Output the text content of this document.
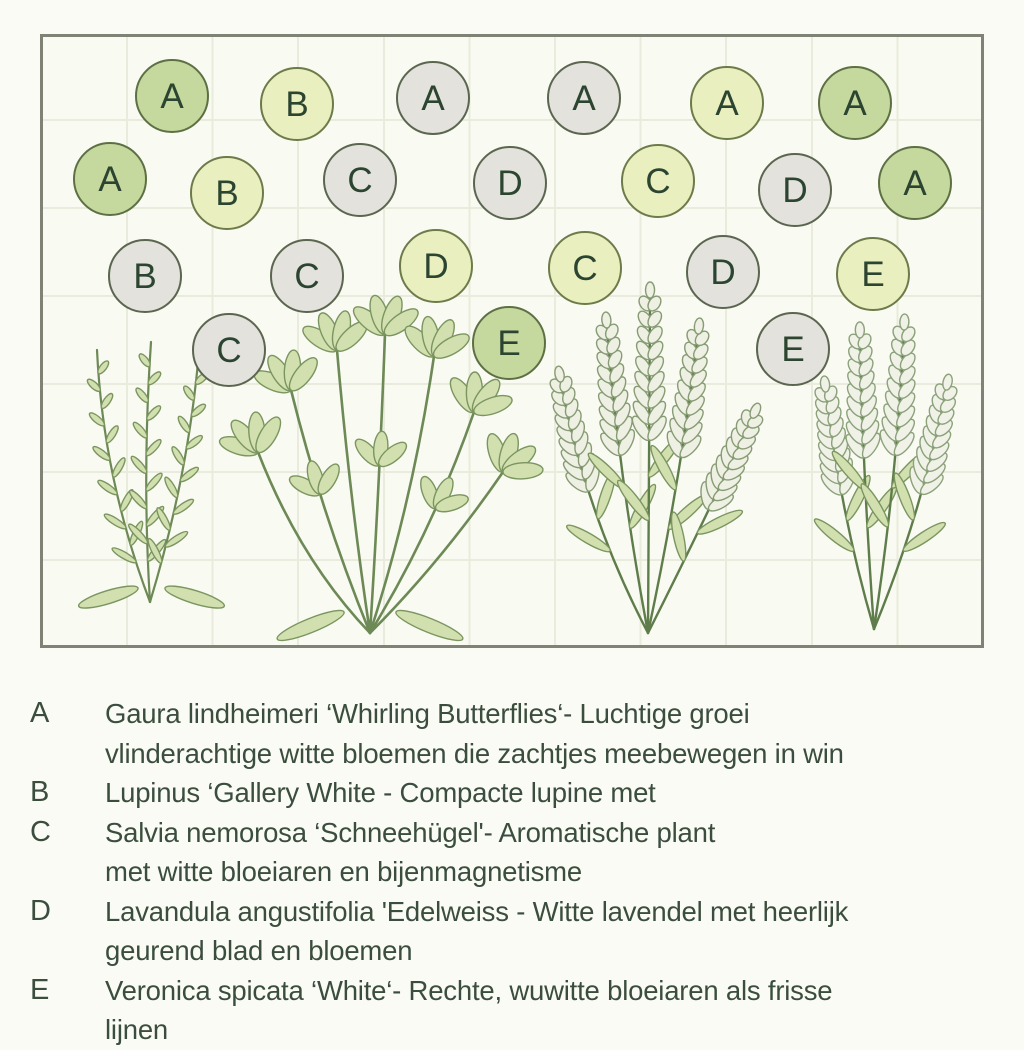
A	B	A	A	A	A
A	B	C	D	C	D	A
B	C	D	C	D	E
C	E	E
A	Gaura lindheimeri ‘Whirling Butterflies‘- Luchtige groei
vlinderachtige witte bloemen die zachtjes meebewegen in win
B	Lupinus ‘Gallery White - Compacte lupine met
C	Salvia nemorosa ‘Schneehügel'- Aromatische plant
met witte bloeiaren en bijenmagnetisme
D	Lavandula angustifolia 'Edelweiss - Witte lavendel met heerlijk
geurend blad en bloemen
E	Veronica spicata ‘White‘- Rechte, wuwitte bloeiaren als frisse
lijnen
